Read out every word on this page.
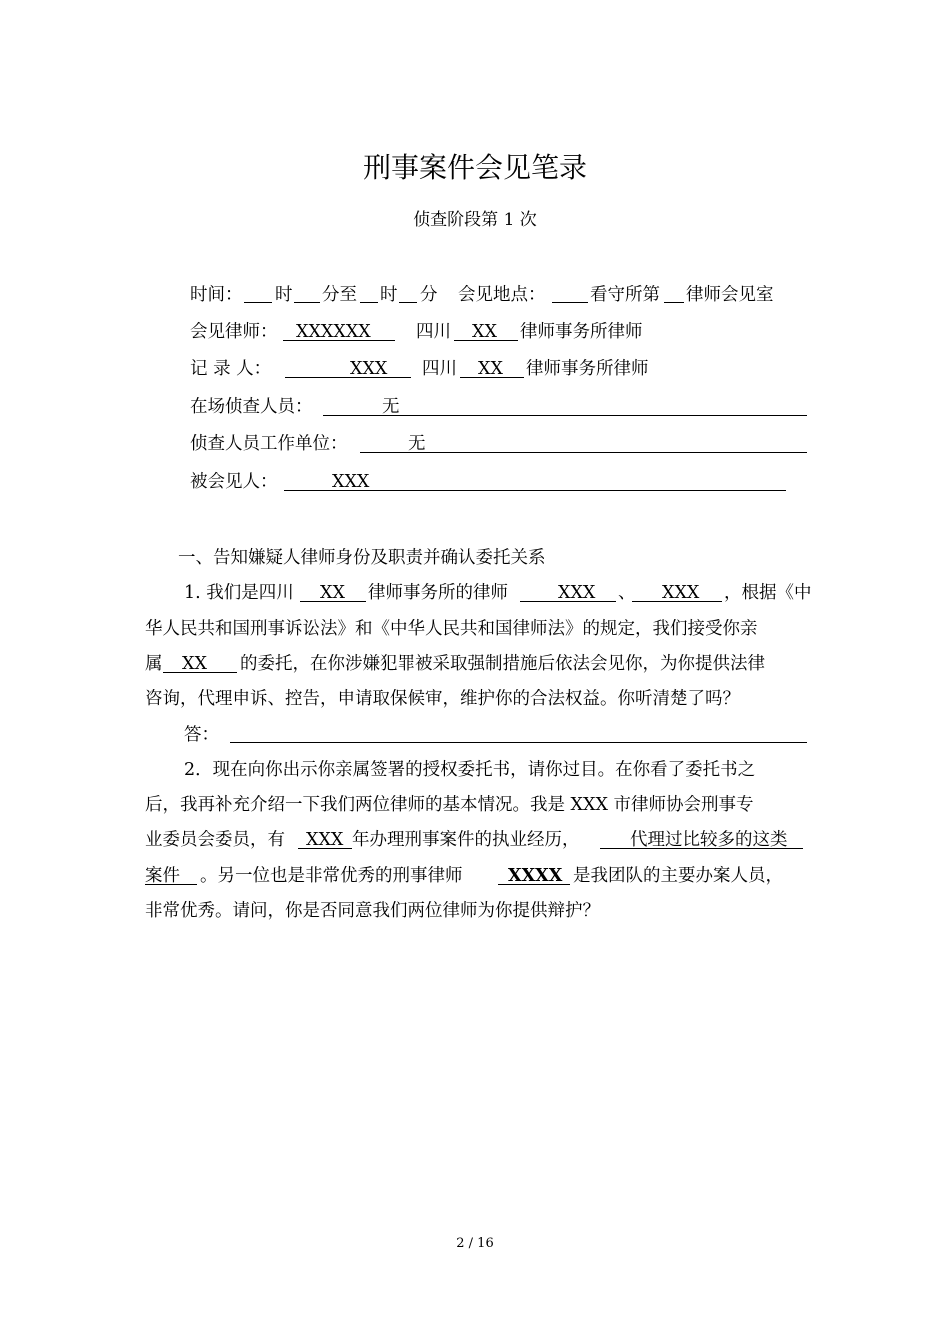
刑事案件会见笔录
侦查阶段第 1 次
时间： 时 分至 时 分 会见地点：	看守所第 律师会见室
会见律师： XXXXXX	四川 XX 律师事务所律师
记 录 人：	XXX 四川 XX 律师事务所律师
在场侦查人员：	无
侦查人员工作单位：	无
被会见人：	XXX
一、告知嫌疑人律师身份及职责并确认委托关系
1. 我们是四川 XX 律师事务所的律师	XXX 、 XXX ，根据《中
华人民共和国刑事诉讼法》和《中华人民共和国律师法》的规定，我们接受你亲
属 XX 的委托，在你涉嫌犯罪被采取强制措施后依法会见你，为你提供法律
咨询，代理申诉、控告，申请取保候审，维护你的合法权益。你听清楚了吗？
答：
2．现在向你出示你亲属签署的授权委托书，请你过目。在你看了委托书之
后，我再补充介绍一下我们两位律师的基本情况。我是 XXX 市律师协会刑事专
业委员会委员，有 XXX 年办理刑事案件的执业经历，	代理过比较多的这类
案件 。另一位也是非常优秀的刑事律师	XXXX 是我团队的主要办案人员，
非常优秀。请问，你是否同意我们两位律师为你提供辩护？
2 / 16
